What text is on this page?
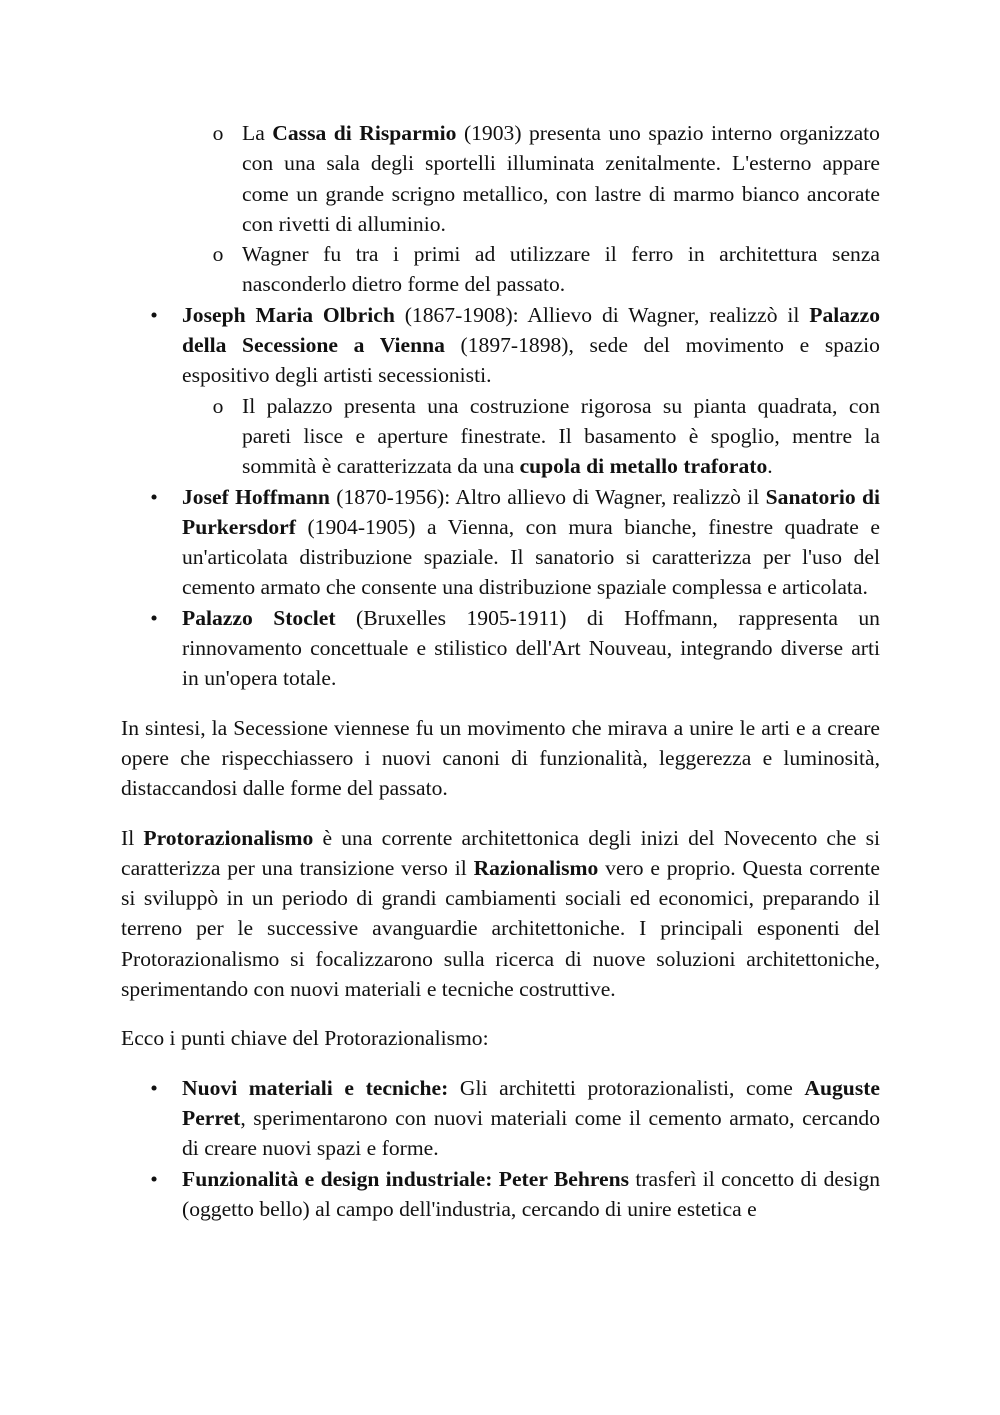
o La Cassa di Risparmio (1903) presenta uno spazio interno organizzato con una sala degli sportelli illuminata zenitalmente. L'esterno appare come un grande scrigno metallico, con lastre di marmo bianco ancorate con rivetti di alluminio.
o Wagner fu tra i primi ad utilizzare il ferro in architettura senza nasconderlo dietro forme del passato.
• Joseph Maria Olbrich (1867-1908): Allievo di Wagner, realizzò il Palazzo della Secessione a Vienna (1897-1898), sede del movimento e spazio espositivo degli artisti secessionisti.
o Il palazzo presenta una costruzione rigorosa su pianta quadrata, con pareti lisce e aperture finestrate. Il basamento è spoglio, mentre la sommità è caratterizzata da una cupola di metallo traforato.
• Josef Hoffmann (1870-1956): Altro allievo di Wagner, realizzò il Sanatorio di Purkersdorf (1904-1905) a Vienna, con mura bianche, finestre quadrate e un'articolata distribuzione spaziale. Il sanatorio si caratterizza per l'uso del cemento armato che consente una distribuzione spaziale complessa e articolata.
• Palazzo Stoclet (Bruxelles 1905-1911) di Hoffmann, rappresenta un rinnovamento concettuale e stilistico dell'Art Nouveau, integrando diverse arti in un'opera totale.
In sintesi, la Secessione viennese fu un movimento che mirava a unire le arti e a creare opere che rispecchiassero i nuovi canoni di funzionalità, leggerezza e luminosità, distaccandosi dalle forme del passato.
Il Protorazionalismo è una corrente architettonica degli inizi del Novecento che si caratterizza per una transizione verso il Razionalismo vero e proprio. Questa corrente si sviluppò in un periodo di grandi cambiamenti sociali ed economici, preparando il terreno per le successive avanguardie architettoniche. I principali esponenti del Protorazionalismo si focalizzarono sulla ricerca di nuove soluzioni architettoniche, sperimentando con nuovi materiali e tecniche costruttive.
Ecco i punti chiave del Protorazionalismo:
• Nuovi materiali e tecniche: Gli architetti protorazionalisti, come Auguste Perret, sperimentarono con nuovi materiali come il cemento armato, cercando di creare nuovi spazi e forme.
• Funzionalità e design industriale: Peter Behrens trasferì il concetto di design (oggetto bello) al campo dell'industria, cercando di unire estetica e
